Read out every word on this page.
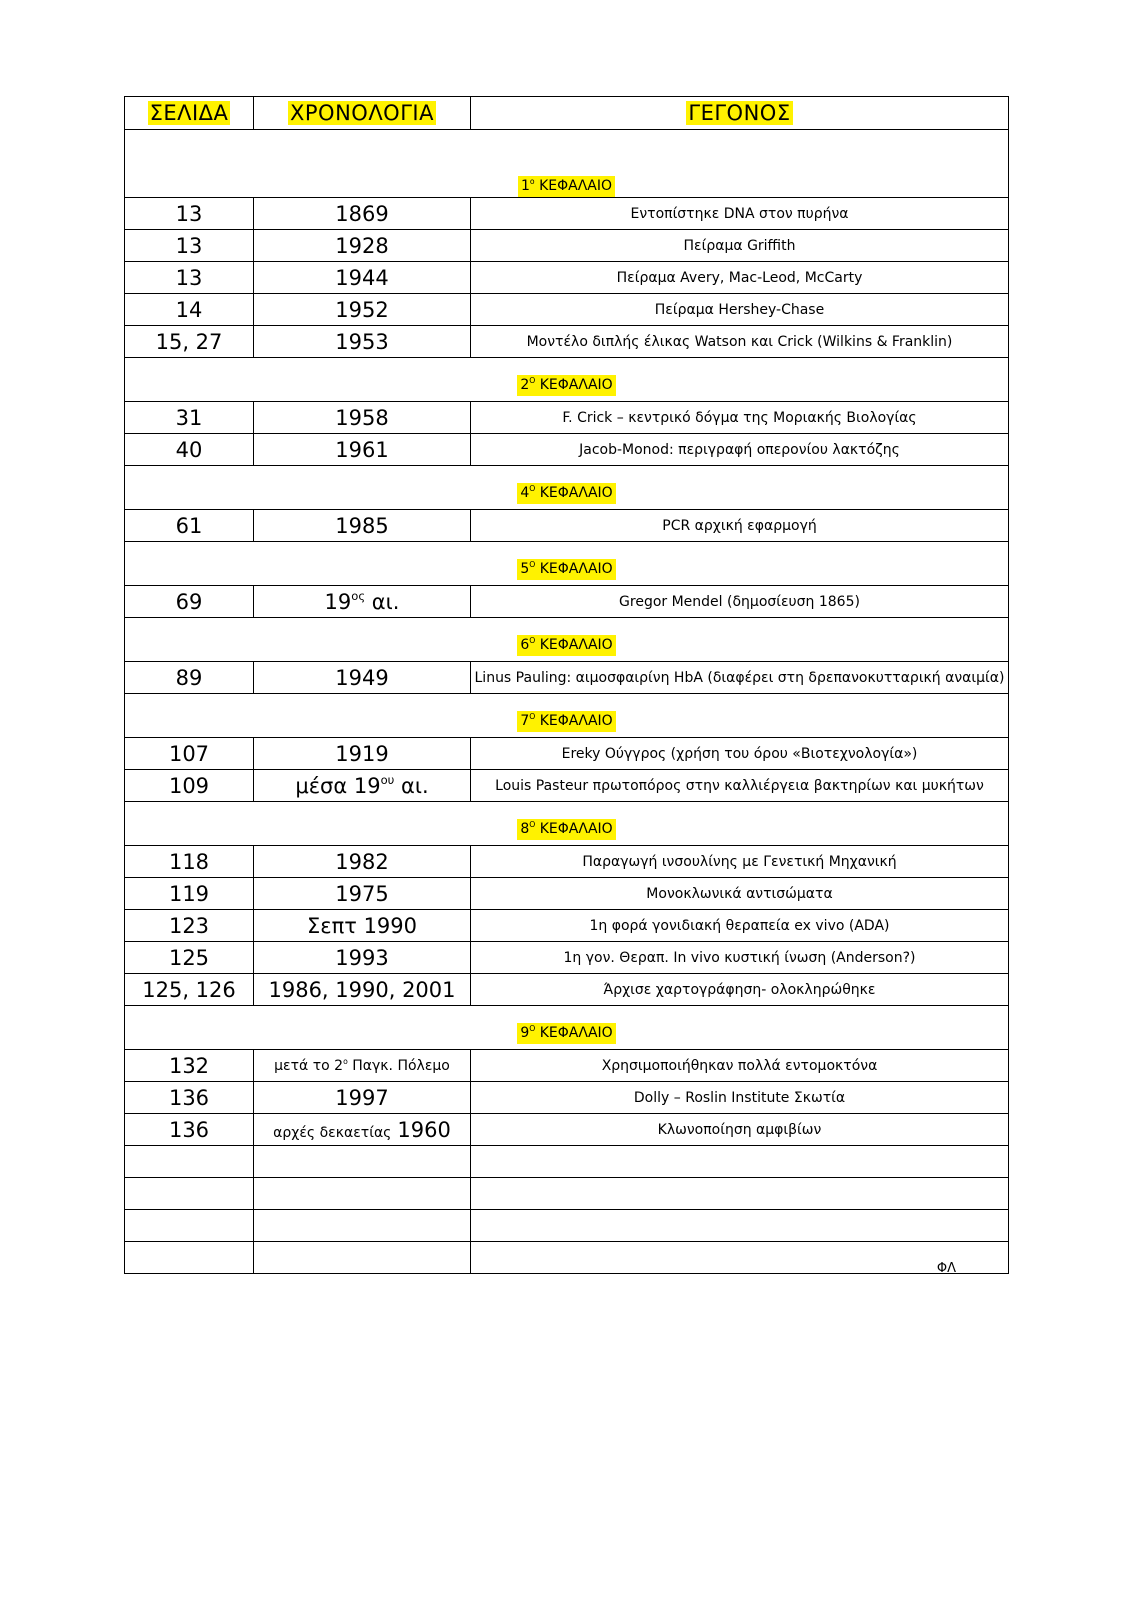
ΣΕΛΙΔΑ	ΧΡΟΝΟΛΟΓΙΑ	ΓΕΓΟΝΟΣ
$1^o$ ΚΕΦΑΛΑΙΟ		
13	1869	Εντοπίστηκε DNA στον πυρήνα
13	1928	Πείραμα Griffith
13	1944	Πείραμα Avery, Mac-Leod, McCarty
14	1952	Πείραμα Hershey-Chase
15, 27	1953	Μοντέλο διπλής έλικας Watson και Crick (Wilkins & Franklin)
$2^O$ ΚΕΦΑΛΑΙΟ		
31	1958	F. Crick – κεντρικό δόγμα της Μοριακής Βιολογίας
40	1961	Jacob-Monod: περιγραφή οπερονίου λακτόζης
$4^O$ ΚΕΦΑΛΑΙΟ		
61	1985	PCR αρχική εφαρμογή
$5^O$ ΚΕΦΑΛΑΙΟ		
69	$19^{o\varsigma}$ αι.	Gregor Mendel (δημοσίευση 1865)
$6^O$ ΚΕΦΑΛΑΙΟ		
89	1949	Linus Pauling: αιμοσφαιρίνη HbA (διαφέρει στη δρεπανοκυτταρική αναιμία)
$7^O$ ΚΕΦΑΛΑΙΟ		
107	1919	Ereky Ούγγρος (χρήση του όρου «Βιοτεχνολογία»)
109	μέσα $19^{o\upsilon}$ αι.	Louis Pasteur πρωτοπόρος στην καλλιέργεια βακτηρίων και μυκήτων
$8^O$ ΚΕΦΑΛΑΙΟ		
118	1982	Παραγωγή ινσουλίνης με Γενετική Μηχανική
119	1975	Μονοκλωνικά αντισώματα
123	Σεπτ 1990	1η φορά γονιδιακή θεραπεία ex vivo (ADA)
125	1993	1η γον. Θεραπ. In vivo κυστική ίνωση (Anderson?)
125, 126	1986, 1990, 2001	Άρχισε χαρτογράφηση- ολοκληρώθηκε
$9^O$ ΚΕΦΑΛΑΙΟ		
132	μετά το $2^o$ Παγκ. Πόλεμο	Χρησιμοποιήθηκαν πολλά εντομοκτόνα
136	1997	Dolly – Roslin Institute Σκωτία
136	αρχές δεκαετίας 1960	Κλωνοποίηση αμφιβίων

		ΦΛ
